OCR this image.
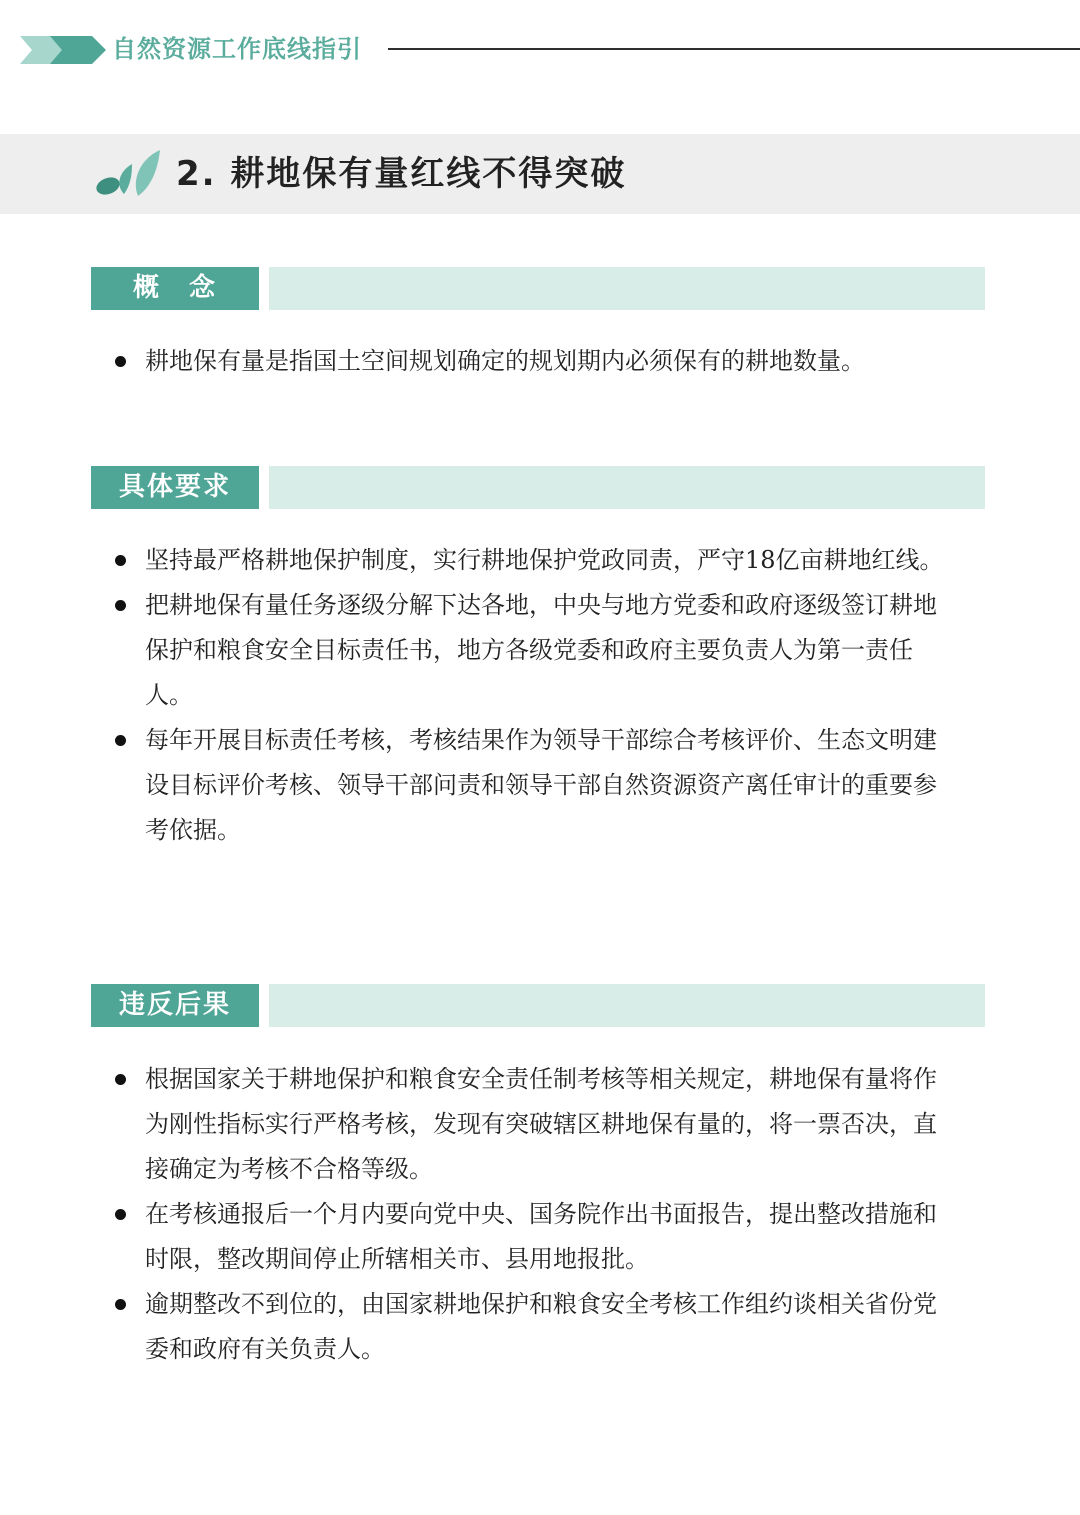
自然资源工作底线指引
2. 耕地保有量红线不得突破
概　念
耕地保有量是指国土空间规划确定的规划期内必须保有的耕地数量。
具体要求
坚持最严格耕地保护制度，实行耕地保护党政同责，严守18亿亩耕地红线。
把耕地保有量任务逐级分解下达各地，中央与地方党委和政府逐级签订耕地保护和粮食安全目标责任书，地方各级党委和政府主要负责人为第一责任人。
每年开展目标责任考核，考核结果作为领导干部综合考核评价、生态文明建设目标评价考核、领导干部问责和领导干部自然资源资产离任审计的重要参考依据。
违反后果
根据国家关于耕地保护和粮食安全责任制考核等相关规定，耕地保有量将作为刚性指标实行严格考核，发现有突破辖区耕地保有量的，将一票否决，直接确定为考核不合格等级。
在考核通报后一个月内要向党中央、国务院作出书面报告，提出整改措施和时限，整改期间停止所辖相关市、县用地报批。
逾期整改不到位的，由国家耕地保护和粮食安全考核工作组约谈相关省份党委和政府有关负责人。
